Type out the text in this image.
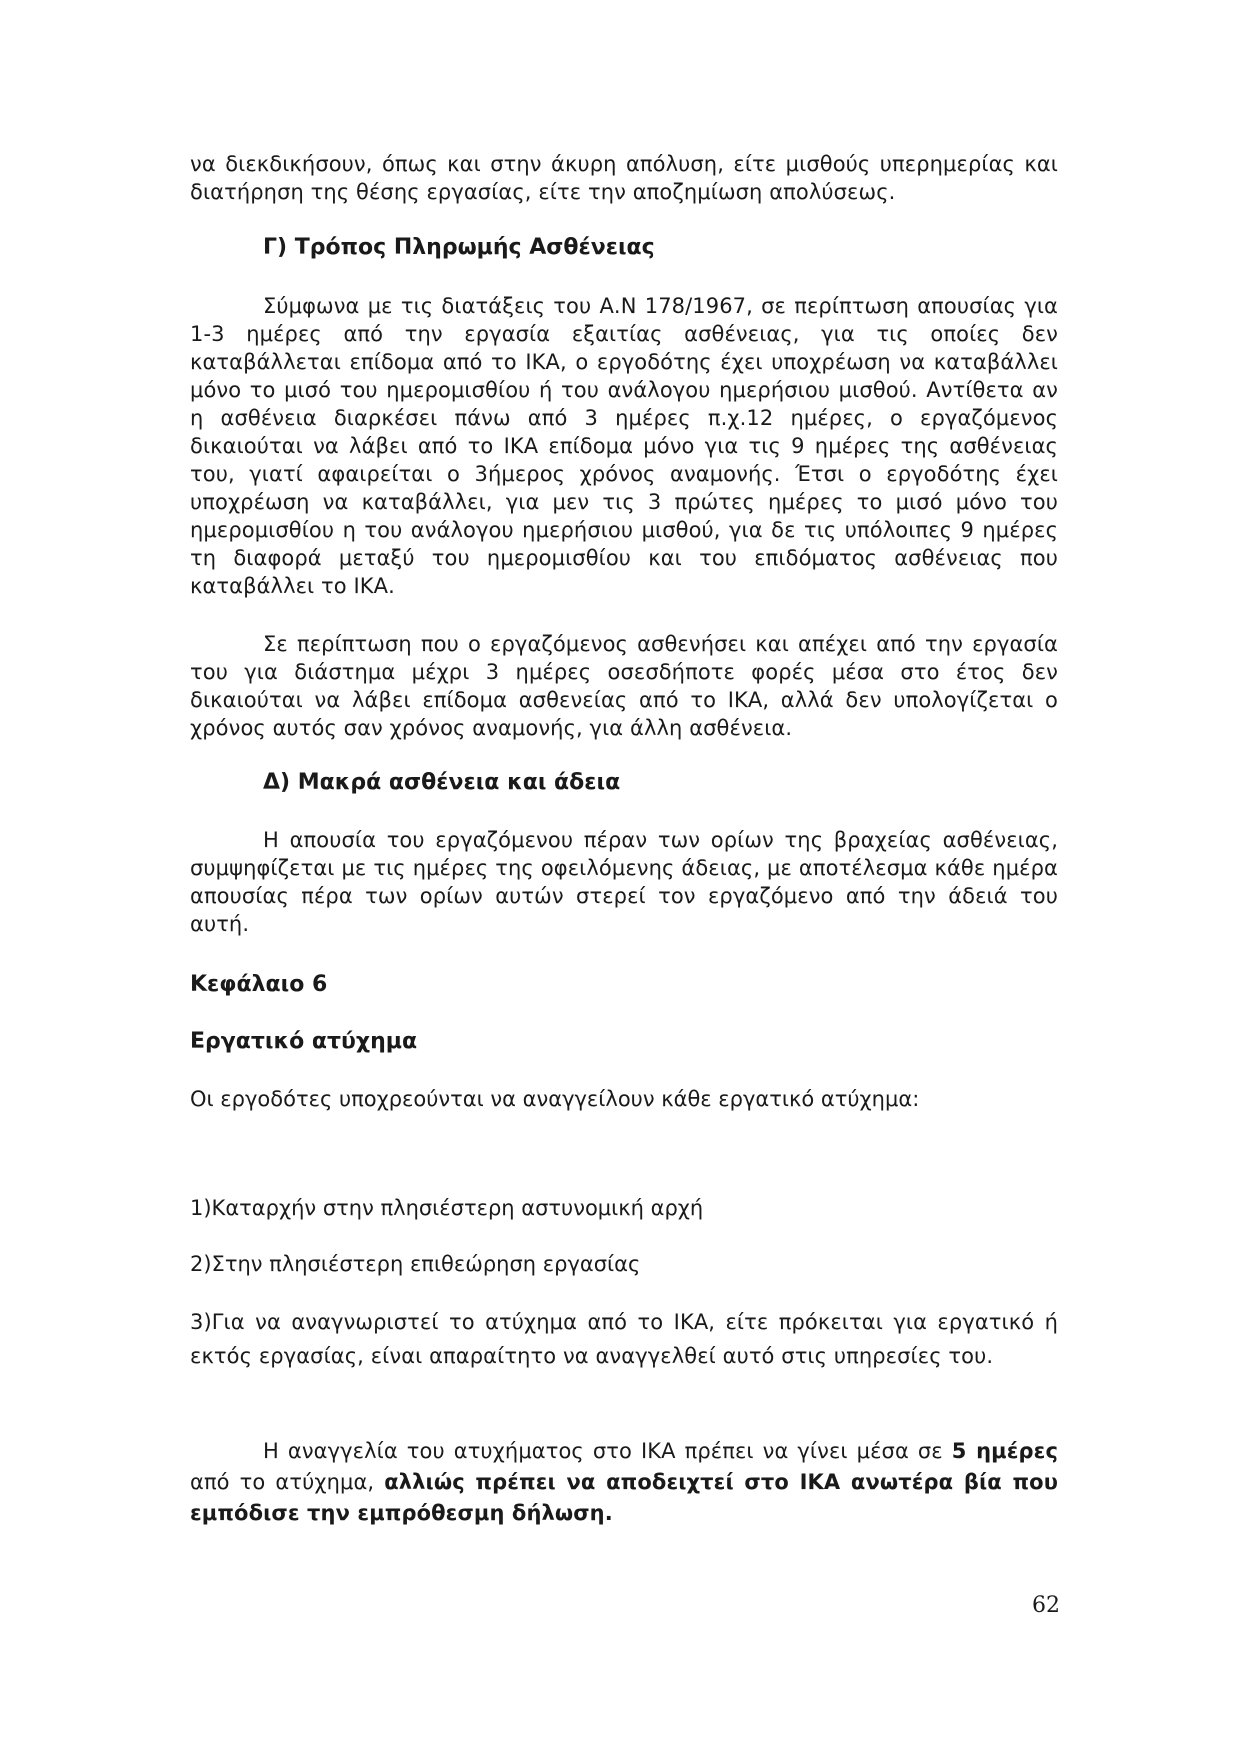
να διεκδικήσουν, όπως και στην άκυρη απόλυση, είτε μισθούς υπερημερίας και διατήρηση της θέσης εργασίας, είτε την αποζημίωση απολύσεως.

Γ) Τρόπος Πληρωμής Ασθένειας

Σύμφωνα με τις διατάξεις του Α.Ν 178/1967, σε περίπτωση απουσίας για 1-3 ημέρες από την εργασία εξαιτίας ασθένειας, για τις οποίες δεν καταβάλλεται επίδομα από το ΙΚΑ, ο εργοδότης έχει υποχρέωση να καταβάλλει μόνο το μισό του ημερομισθίου ή του ανάλογου ημερήσιου μισθού. Αντίθετα αν η ασθένεια διαρκέσει πάνω από 3 ημέρες π.χ.12 ημέρες, ο εργαζόμενος δικαιούται να λάβει από το ΙΚΑ επίδομα μόνο για τις 9 ημέρες της ασθένειας του, γιατί αφαιρείται ο 3ήμερος χρόνος αναμονής. Έτσι ο εργοδότης έχει υποχρέωση να καταβάλλει, για μεν τις 3 πρώτες ημέρες το μισό μόνο του ημερομισθίου η του ανάλογου ημερήσιου μισθού, για δε τις υπόλοιπες 9 ημέρες τη διαφορά μεταξύ του ημερομισθίου και του επιδόματος ασθένειας που καταβάλλει το ΙΚΑ.

Σε περίπτωση που ο εργαζόμενος ασθενήσει και απέχει από την εργασία του για διάστημα μέχρι 3 ημέρες οσεσδήποτε φορές μέσα στο έτος δεν δικαιούται να λάβει επίδομα ασθενείας από το ΙΚΑ, αλλά δεν υπολογίζεται ο χρόνος αυτός σαν χρόνος αναμονής, για άλλη ασθένεια.

Δ) Μακρά ασθένεια και άδεια

Η απουσία του εργαζόμενου πέραν των ορίων της βραχείας ασθένειας, συμψηφίζεται με τις ημέρες της οφειλόμενης άδειας, με αποτέλεσμα κάθε ημέρα απουσίας πέρα των ορίων αυτών στερεί τον εργαζόμενο από την άδειά του αυτή.

Κεφάλαιο 6

Εργατικό ατύχημα

Οι εργοδότες υποχρεούνται να αναγγείλουν κάθε εργατικό ατύχημα:

1)Καταρχήν στην πλησιέστερη αστυνομική αρχή

2)Στην πλησιέστερη επιθεώρηση εργασίας

3)Για να αναγνωριστεί το ατύχημα από το ΙΚΑ, είτε πρόκειται για εργατικό ή εκτός εργασίας, είναι απαραίτητο να αναγγελθεί αυτό στις υπηρεσίες του.

Η αναγγελία του ατυχήματος στο ΙΚΑ πρέπει να γίνει μέσα σε 5 ημέρες από το ατύχημα, αλλιώς πρέπει να αποδειχτεί στο ΙΚΑ ανωτέρα βία που εμπόδισε την εμπρόθεσμη δήλωση.

62
